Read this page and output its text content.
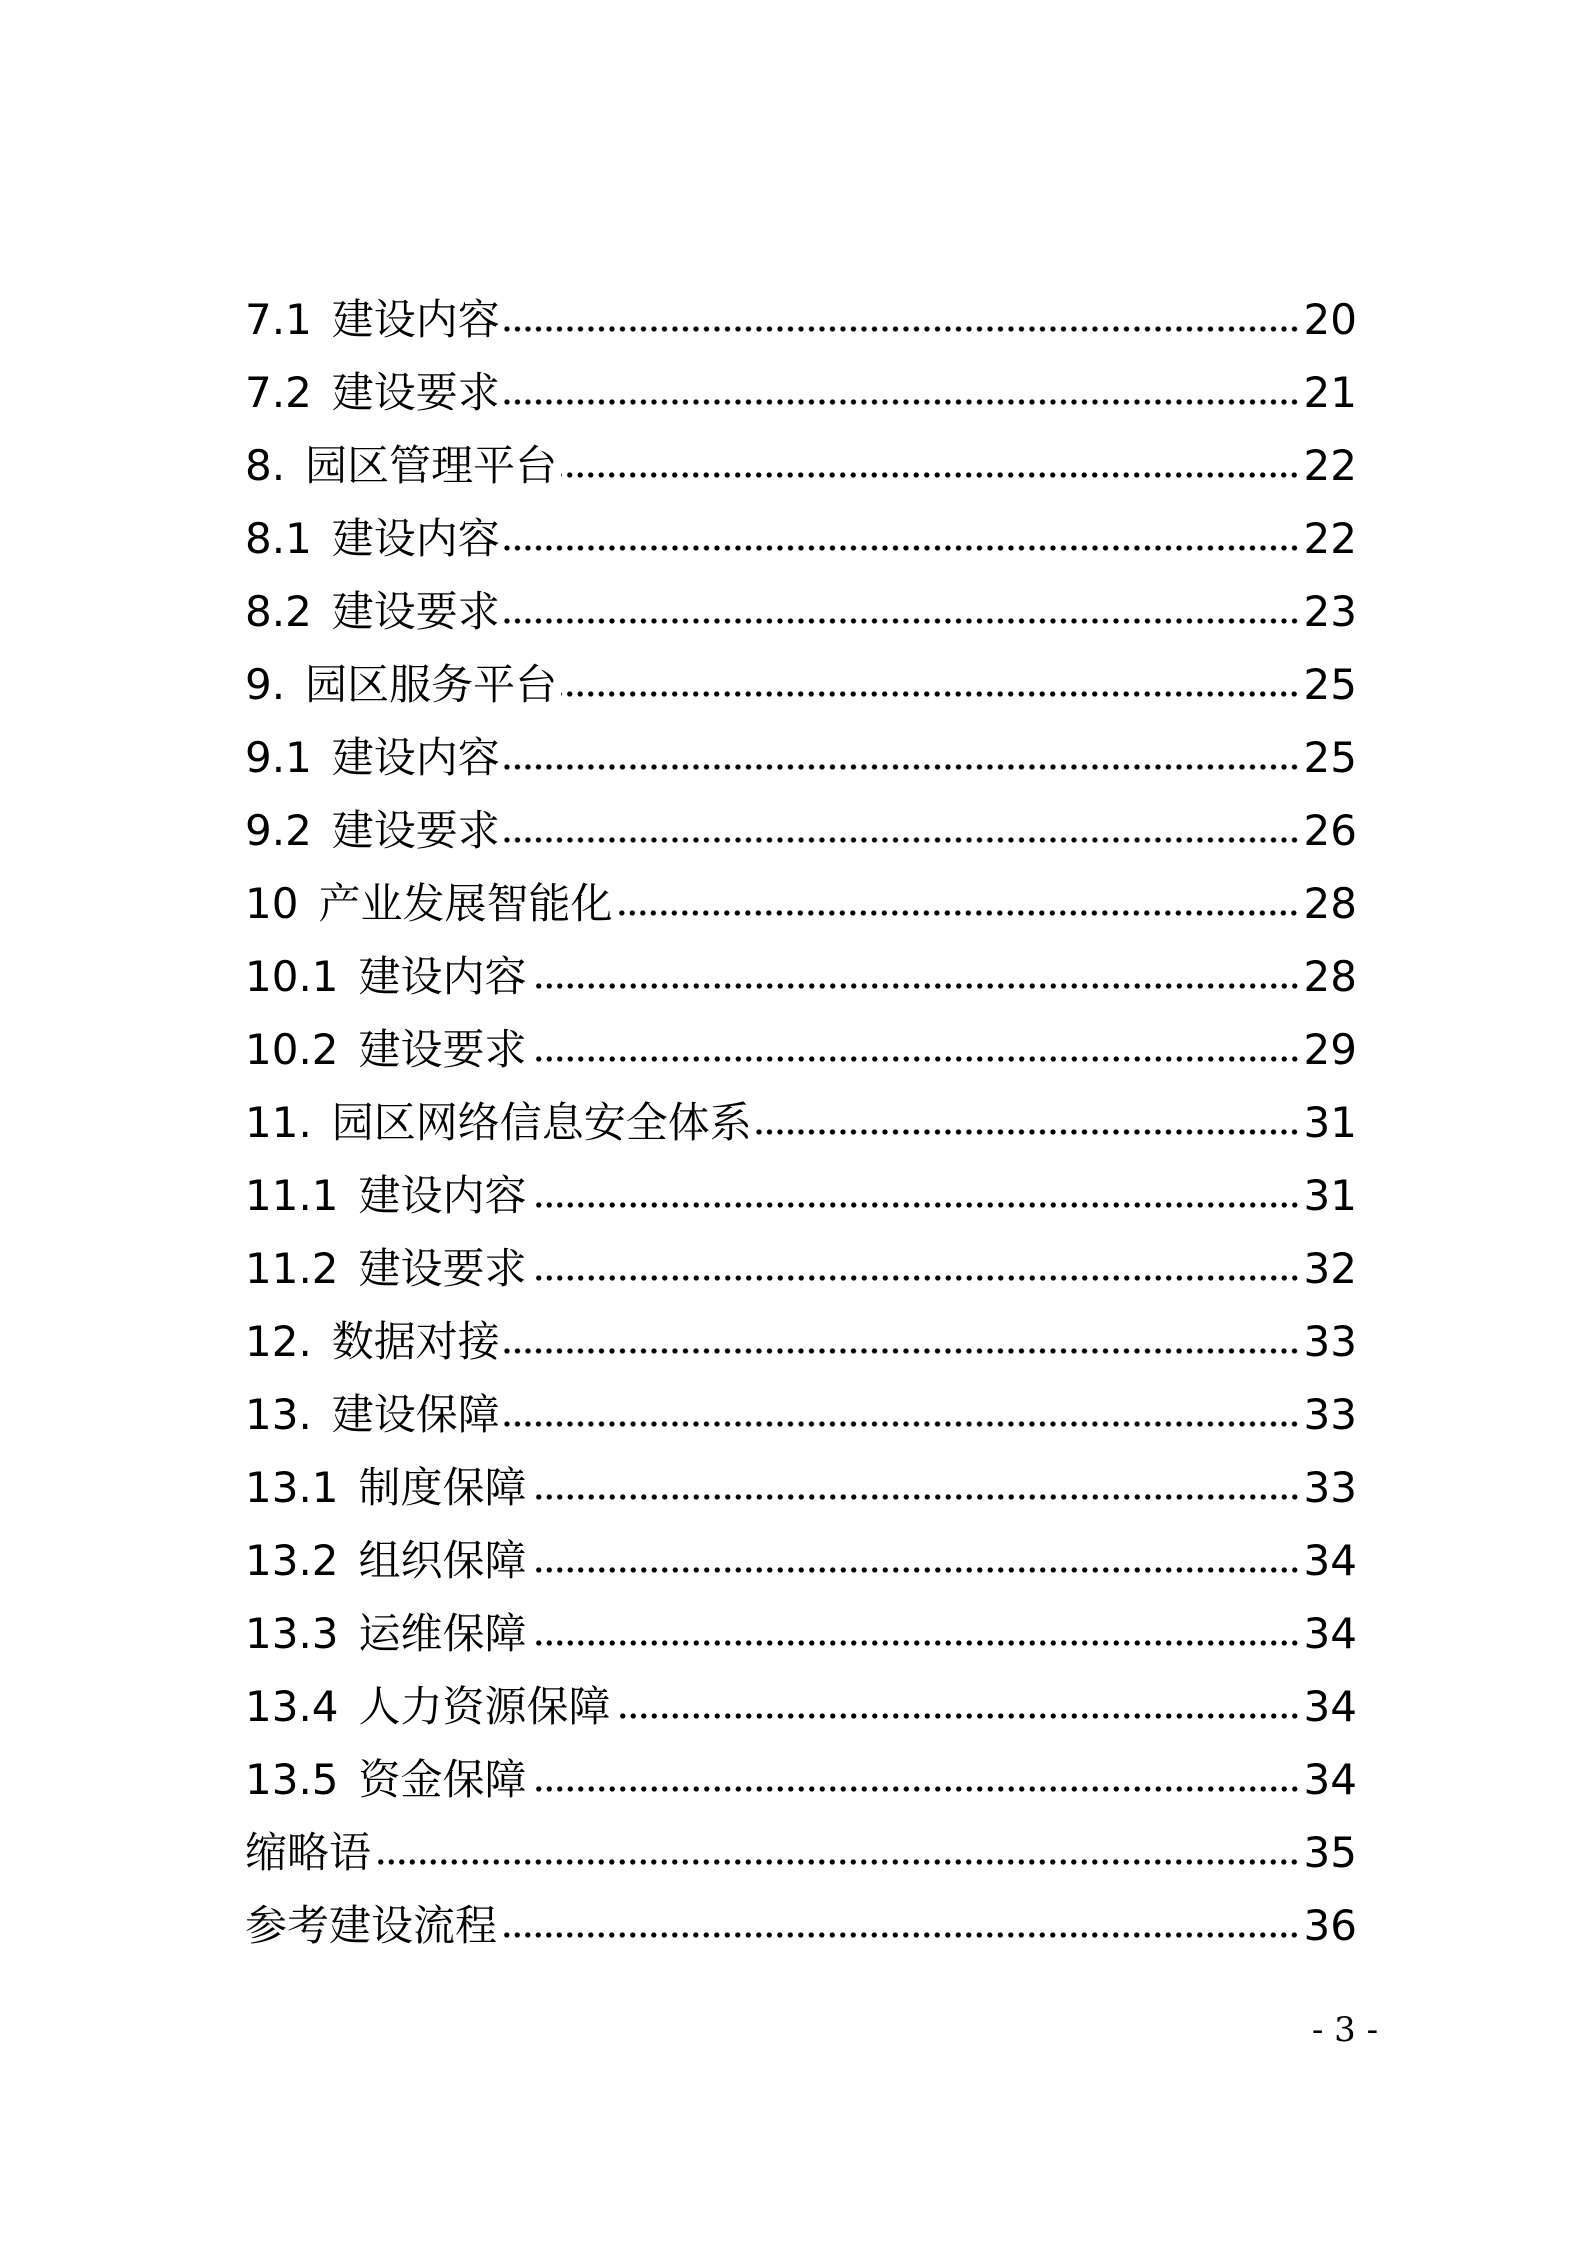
7.1 建设内容	20
7.2 建设要求	21
8. 园区管理平台	22
8.1 建设内容	22
8.2 建设要求	23
9. 园区服务平台	25
9.1 建设内容	25
9.2 建设要求	26
10 产业发展智能化	28
10.1 建设内容	28
10.2 建设要求	29
11. 园区网络信息安全体系	31
11.1 建设内容	31
11.2 建设要求	32
12. 数据对接	33
13. 建设保障	33
13.1 制度保障	33
13.2 组织保障	34
13.3 运维保障	34
13.4 人力资源保障	34
13.5 资金保障	34
缩略语	35
参考建设流程	36
- 3 -
